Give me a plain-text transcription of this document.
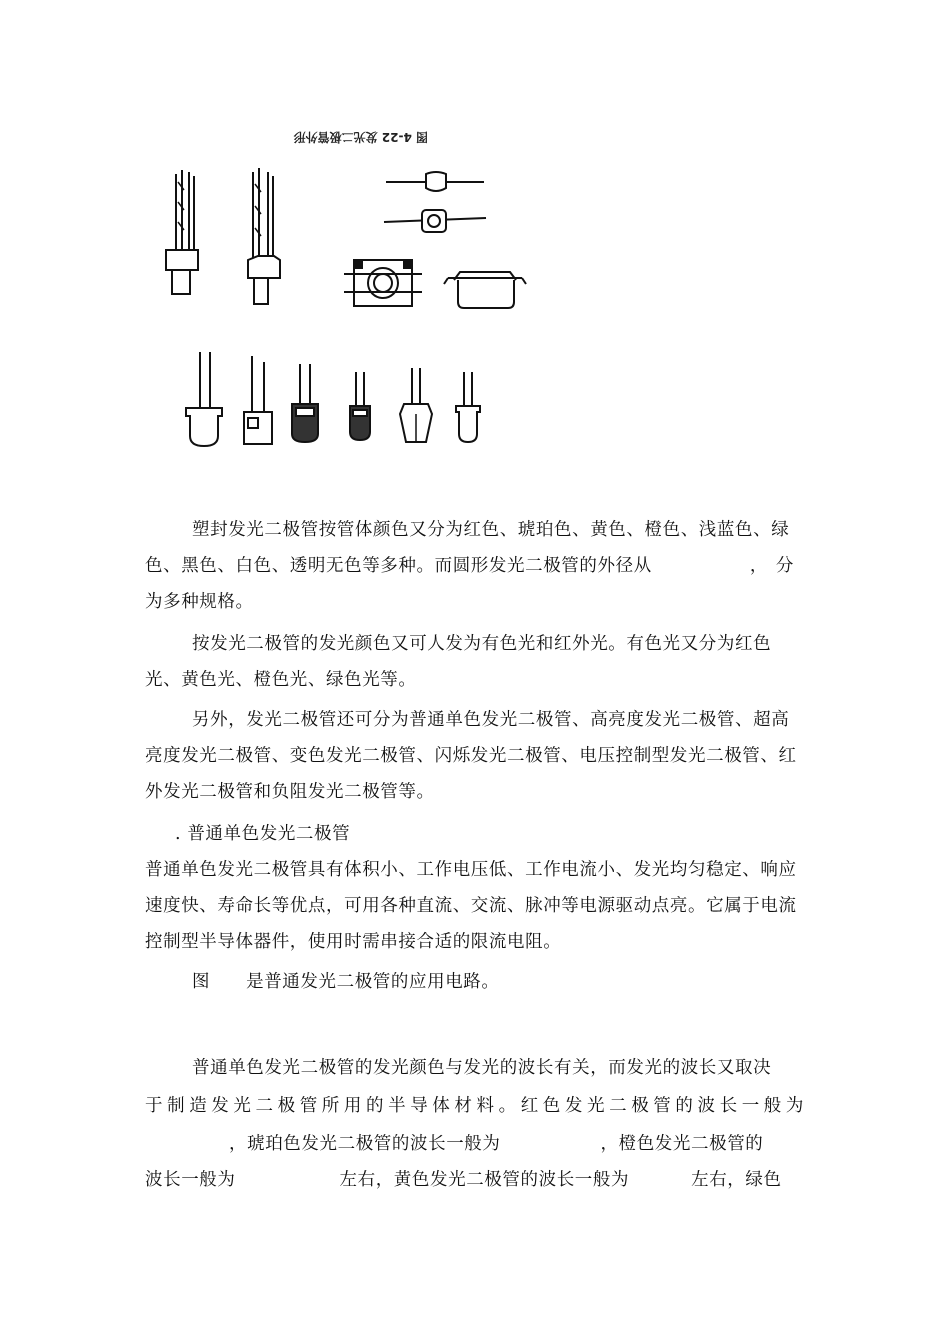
图 4-22 发光二极管外形

塑封发光二极管按管体颜色又分为红色、琥珀色、黄色、橙色、浅蓝色、绿色、黑色、白色、透明无色等多种。而圆形发光二极管的外径从	， 分为多种规格。

按发光二极管的发光颜色又可人发为有色光和红外光。有色光又分为红色光、黄色光、橙色光、绿色光等。

另外，发光二极管还可分为普通单色发光二极管、高亮度发光二极管、超高亮度发光二极管、变色发光二极管、闪烁发光二极管、电压控制型发光二极管、红外发光二极管和负阻发光二极管等。

. 普通单色发光二极管

普通单色发光二极管具有体积小、工作电压低、工作电流小、发光均匀稳定、响应速度快、寿命长等优点，可用各种直流、交流、脉冲等电源驱动点亮。它属于电流控制型半导体器件，使用时需串接合适的限流电阻。

图 是普通发光二极管的应用电路。

普通单色发光二极管的发光颜色与发光的波长有关，而发光的波长又取决

于制造发光二极管所用的半导体材料。红色发光二极管的波长一般为

，琥珀色发光二极管的波长一般为	，橙色发光二极管的

波长一般为	左右，黄色发光二极管的波长一般为	左右，绿色
